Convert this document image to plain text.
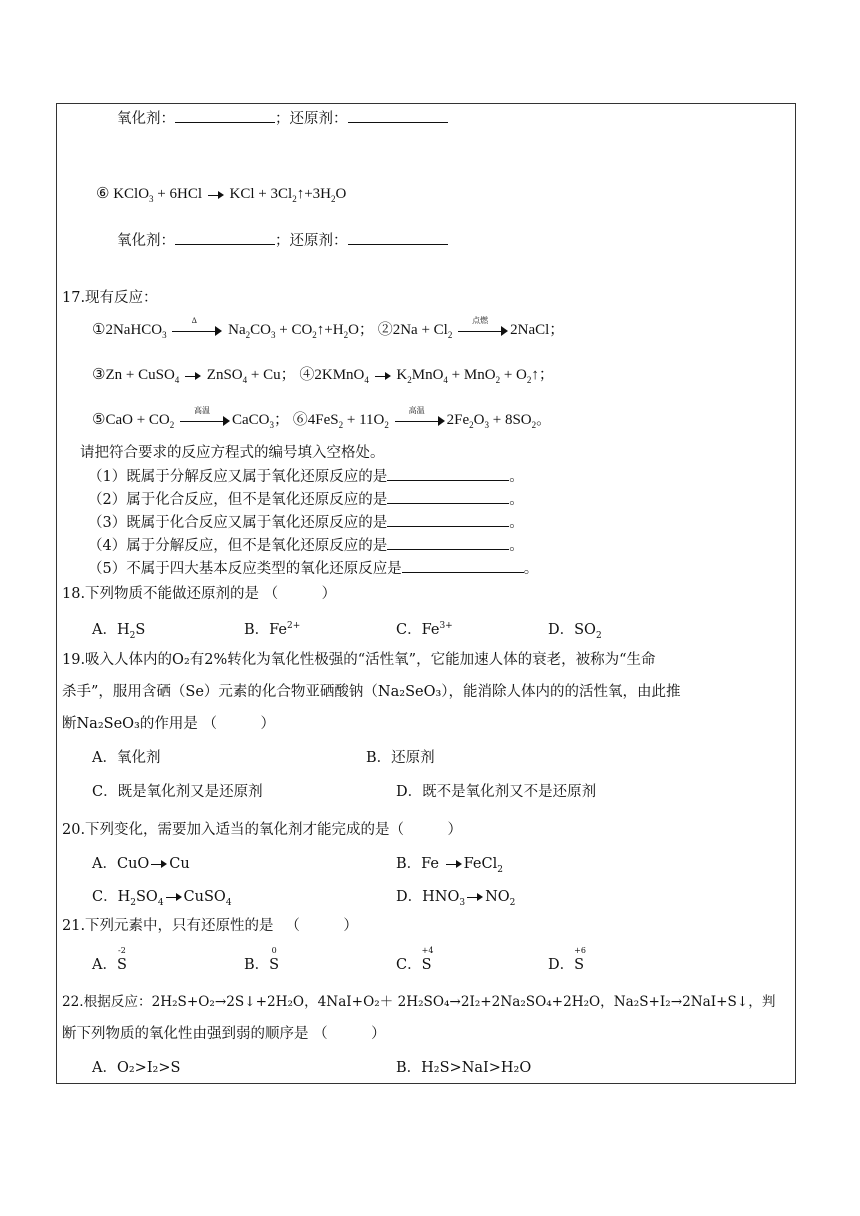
氧化剂：	；还原剂：
⑥ KClO$_3$ + 6HCl KCl + $3Cl_2↑+3H_2O$
氧化剂：	；还原剂：
17.现有反应：
①2NaHCO$_3$
Δ
$Na_2CO_3$ + $CO_2↑+H_2O$； ②2Na + $Cl_2$
点燃
2NaCl；
③Zn + CuSO$_4$ ZnSO$_4$ + Cu； ④2KMnO$_4$ $K_2MnO_4 + MnO_2$ + $O_2↑$；
⑤CaO + $CO_2$
高温
CaCO$_3$； ⑥4FeS$_2$ + $11O_2$
高温
$2Fe_2O_3 + 8SO_2$。
请把符合要求的反应方程式的编号填入空格处。
（1）既属于分解反应又属于氧化还原反应的是	。
（2）属于化合反应，但不是氧化还原反应的是	。
（3）既属于化合反应又属于氧化还原反应的是	。
（4）属于分解反应，但不是氧化还原反应的是	。
（5）不属于四大基本反应类型的氧化还原反应是	。
18.下列物质不能做还原剂的是 （　　　）
A．$H_2S$	B．$Fe^{2+}$	C．$Fe^{3+}$	D．$SO_2$
19.吸入人体内的O₂有2%转化为氧化性极强的“活性氧”，它能加速人体的衰老，被称为“生命
杀手”，服用含硒（Se）元素的化合物亚硒酸钠（Na₂SeO₃），能消除人体内的的活性氧，由此推
断Na₂SeO₃的作用是 （　　　）
A．氧化剂	B．还原剂
C．既是氧化剂又是还原剂	D．既不是氧化剂又不是还原剂
20.下列变化，需要加入适当的氧化剂才能完成的是（　　　）
A．CuO Cu	B．Fe
FeCl$_2$
C．$H_2SO_4$ CuSO$_4$	D．$HNO_3$ $NO_2$
21.下列元素中，只有还原性的是 　（　　　）
A．
-2
S	B．
0
S	C．
+4
S	D．
+6
S
22.根据反应：2H₂S+O₂→2S↓+2H₂O，4NaI+O₂＋ 2H₂SO₄→2I₂+2Na₂SO₄+2H₂O，Na₂S+I₂→2NaI+S↓，判
断下列物质的氧化性由强到弱的顺序是 （　　　）
A．O₂>I₂>S	B．H₂S>NaI>H₂O
